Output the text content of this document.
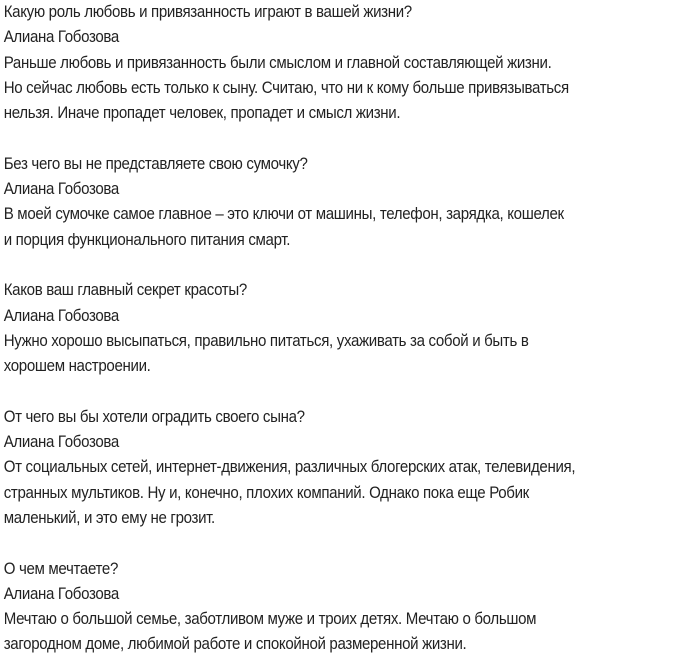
Какую роль любовь и привязанность играют в вашей жизни?
Алиана Гобозова
Раньше любовь и привязанность были смыслом и главной составляющей жизни.
Но сейчас любовь есть только к сыну. Считаю, что ни к кому больше привязываться
нельзя. Иначе пропадет человек, пропадет и смысл жизни.
Без чего вы не представляете свою сумочку?
Алиана Гобозова
В моей сумочке самое главное – это ключи от машины, телефон, зарядка, кошелек
и порция функционального питания смарт.
Каков ваш главный секрет красоты?
Алиана Гобозова
Нужно хорошо высыпаться, правильно питаться, ухаживать за собой и быть в
хорошем настроении.
От чего вы бы хотели оградить своего сына?
Алиана Гобозова
От социальных сетей, интернет-движения, различных блогерских атак, телевидения,
странных мультиков. Ну и, конечно, плохих компаний. Однако пока еще Робик
маленький, и это ему не грозит.
О чем мечтаете?
Алиана Гобозова
Мечтаю о большой семье, заботливом муже и троих детях. Мечтаю о большом
загородном доме, любимой работе и спокойной размеренной жизни.
